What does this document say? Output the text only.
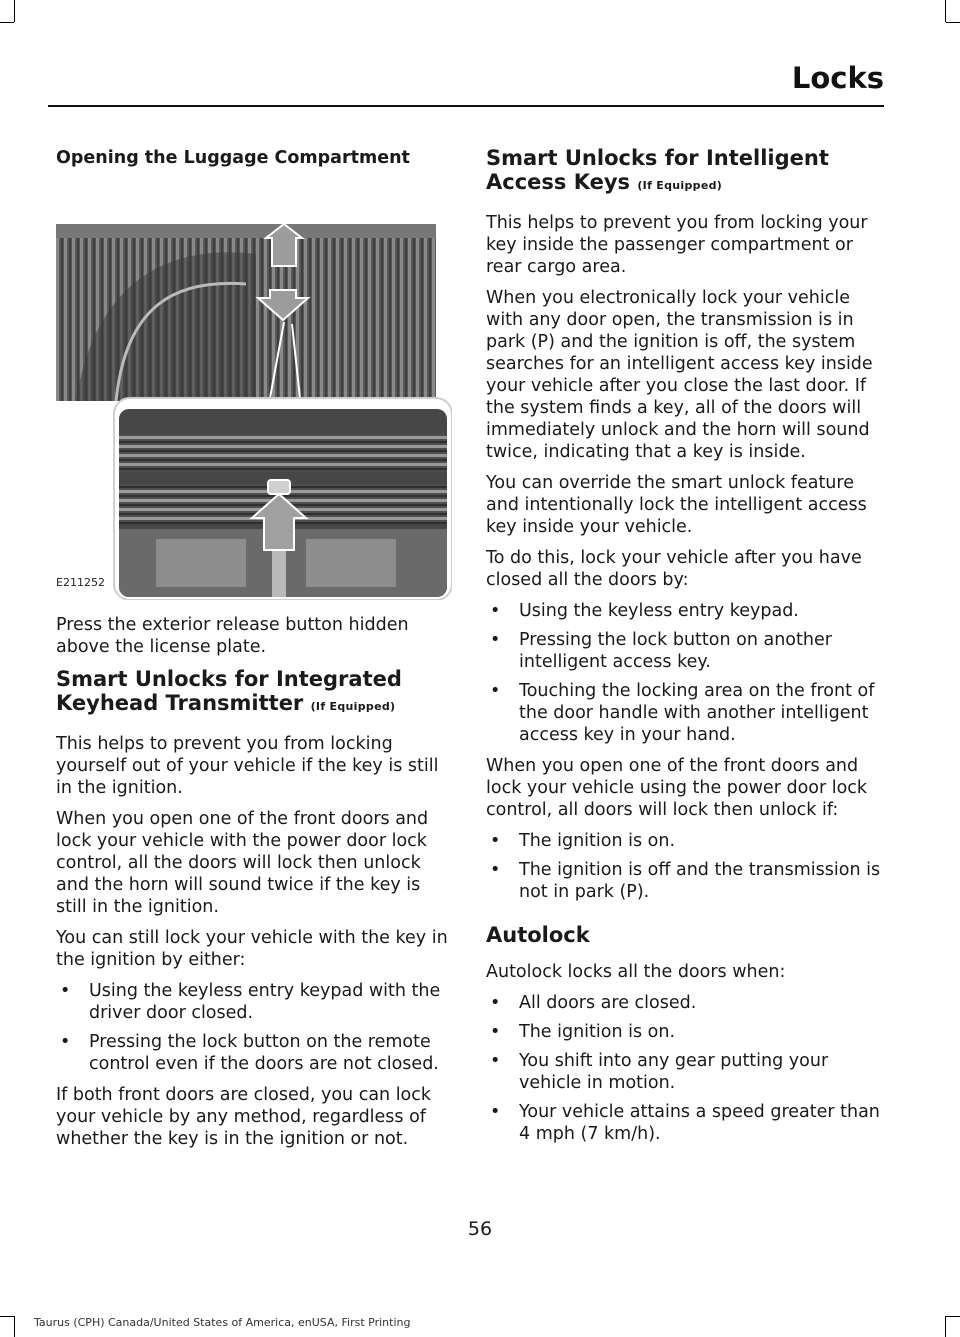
Locks
Opening the Luggage Compartment
E211252

Press the exterior release button hidden above the license plate.

Smart Unlocks for Integrated Keyhead Transmitter (If Equipped)

This helps to prevent you from locking yourself out of your vehicle if the key is still in the ignition.

When you open one of the front doors and lock your vehicle with the power door lock control, all the doors will lock then unlock and the horn will sound twice if the key is still in the ignition.

You can still lock your vehicle with the key in the ignition by either:

• Using the keyless entry keypad with the driver door closed.
• Pressing the lock button on the remote control even if the doors are not closed.

If both front doors are closed, you can lock your vehicle by any method, regardless of whether the key is in the ignition or not.

Smart Unlocks for Intelligent Access Keys (If Equipped)

This helps to prevent you from locking your key inside the passenger compartment or rear cargo area.

When you electronically lock your vehicle with any door open, the transmission is in park (P) and the ignition is off, the system searches for an intelligent access key inside your vehicle after you close the last door. If the system finds a key, all of the doors will immediately unlock and the horn will sound twice, indicating that a key is inside.

You can override the smart unlock feature and intentionally lock the intelligent access key inside your vehicle.

To do this, lock your vehicle after you have closed all the doors by:

• Using the keyless entry keypad.
• Pressing the lock button on another intelligent access key.
• Touching the locking area on the front of the door handle with another intelligent access key in your hand.

When you open one of the front doors and lock your vehicle using the power door lock control, all doors will lock then unlock if:

• The ignition is on.
• The ignition is off and the transmission is not in park (P).
Autolock

Autolock locks all the doors when:

• All doors are closed.
• The ignition is on.
• You shift into any gear putting your vehicle in motion.
• Your vehicle attains a speed greater than 4 mph (7 km/h).
56
Taurus (CPH) Canada/United States of America, enUSA, First Printing
